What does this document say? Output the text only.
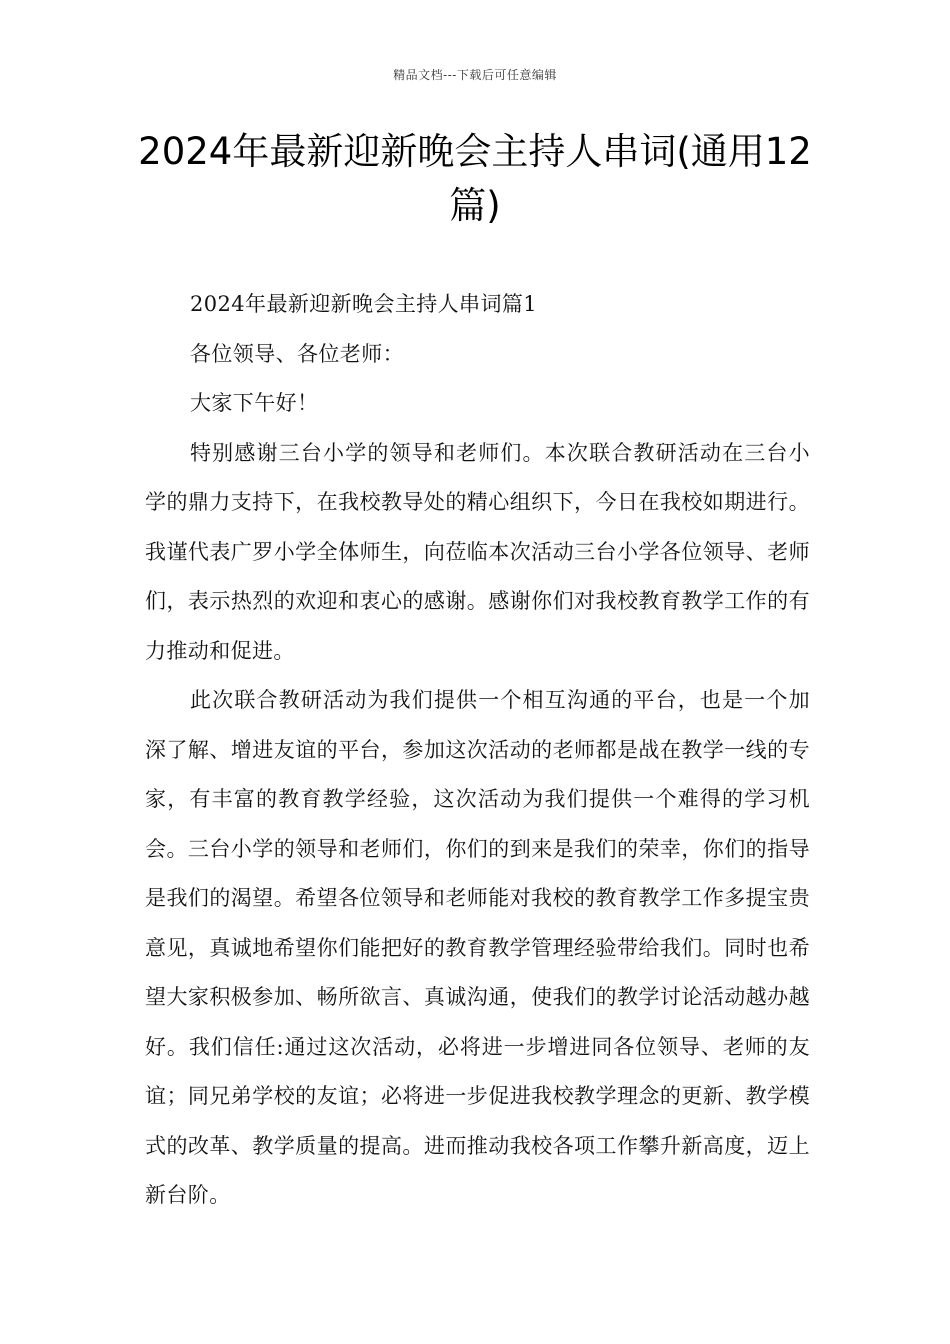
精品文档---下载后可任意编辑
2024年最新迎新晚会主持人串词(通用12篇)

2024年最新迎新晚会主持人串词篇1

各位领导、各位老师：

大家下午好！

特别感谢三台小学的领导和老师们。本次联合教研活动在三台小学的鼎力支持下，在我校教导处的精心组织下，今日在我校如期进行。我谨代表广罗小学全体师生，向莅临本次活动三台小学各位领导、老师们，表示热烈的欢迎和衷心的感谢。感谢你们对我校教育教学工作的有力推动和促进。

此次联合教研活动为我们提供一个相互沟通的平台，也是一个加深了解、增进友谊的平台，参加这次活动的老师都是战在教学一线的专家，有丰富的教育教学经验，这次活动为我们提供一个难得的学习机会。三台小学的领导和老师们，你们的到来是我们的荣幸，你们的指导是我们的渴望。希望各位领导和老师能对我校的教育教学工作多提宝贵意见，真诚地希望你们能把好的教育教学管理经验带给我们。同时也希望大家积极参加、畅所欲言、真诚沟通，使我们的教学讨论活动越办越好。我们信任:通过这次活动，必将进一步增进同各位领导、老师的友谊；同兄弟学校的友谊；必将进一步促进我校教学理念的更新、教学模式的改革、教学质量的提高。进而推动我校各项工作攀升新高度，迈上新台阶。
